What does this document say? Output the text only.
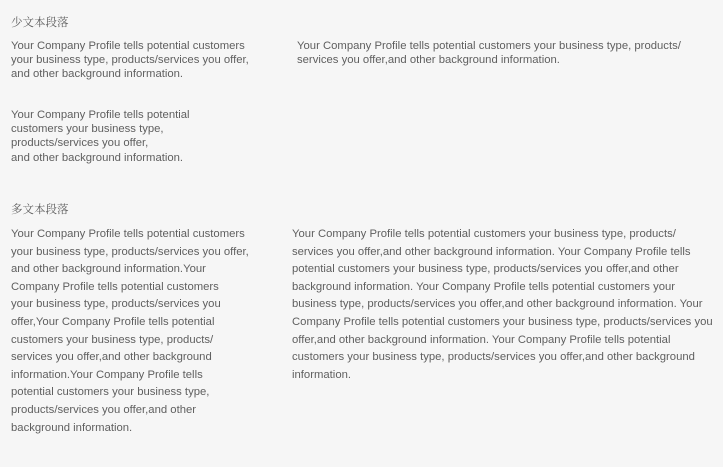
少文本段落

Your Company Profile tells potential customers
your business type, products/services you offer,
and other background information.

Your Company Profile tells potential customers your business type, products/
services you offer,and other background information.

Your Company Profile tells potential
customers your business type,
products/services you offer,
and other background information.

多文本段落

Your Company Profile tells potential customers
your business type, products/services you offer,
and other background information.Your
Company Profile tells potential customers
your business type, products/services you
offer,Your Company Profile tells potential
customers your business type, products/
services you offer,and other background
information.Your Company Profile tells
potential customers your business type,
products/services you offer,and other
background information.

Your Company Profile tells potential customers your business type, products/
services you offer,and other background information. Your Company Profile tells
potential customers your business type, products/services you offer,and other
background information. Your Company Profile tells potential customers your
business type, products/services you offer,and other background information. Your
Company Profile tells potential customers your business type, products/services you
offer,and other background information. Your Company Profile tells potential
customers your business type, products/services you offer,and other background
information.
